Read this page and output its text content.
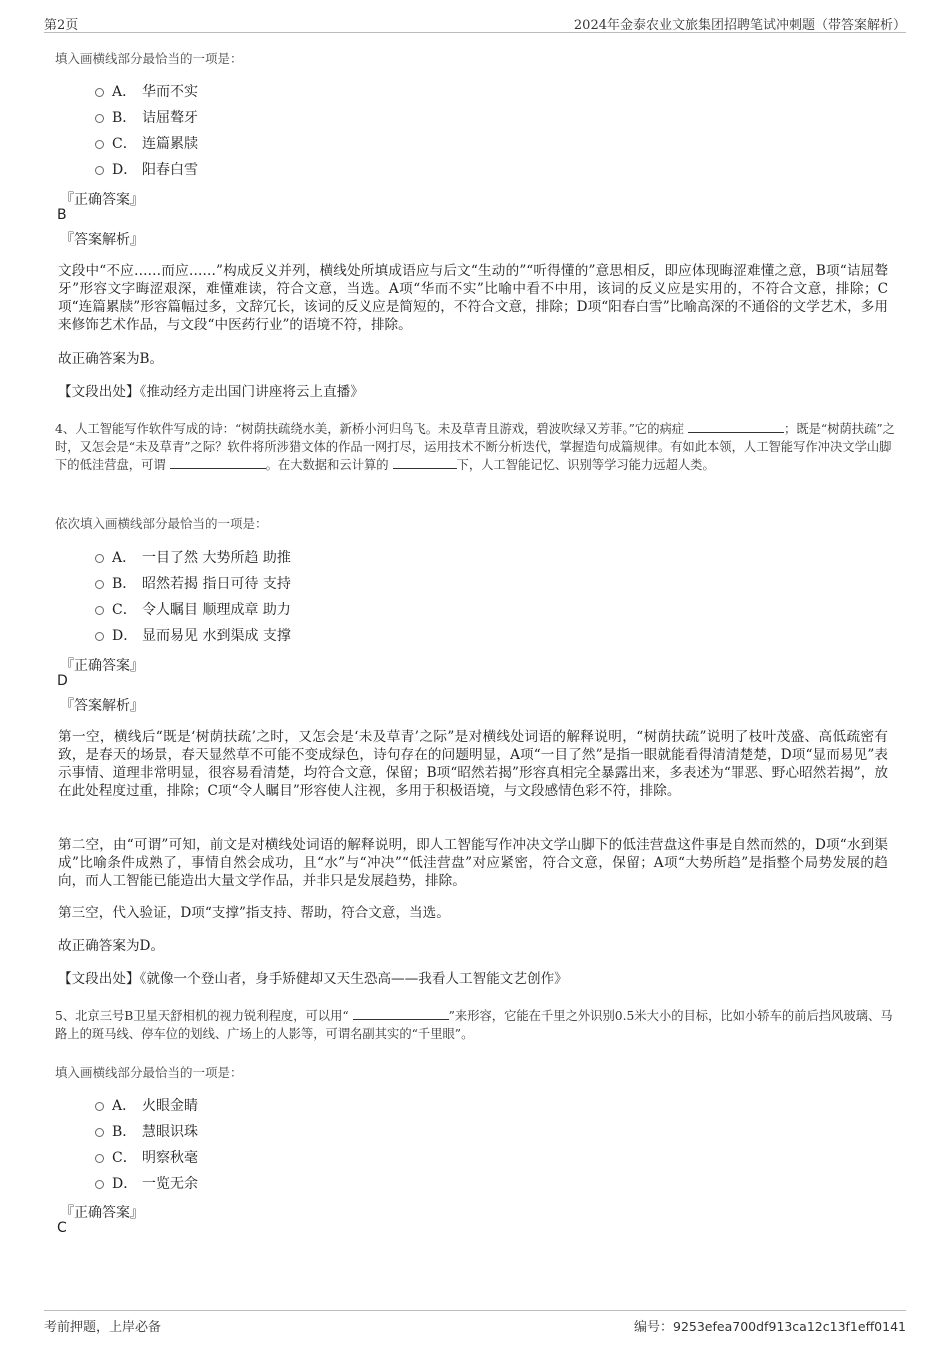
第2页	2024年金泰农业文旅集团招聘笔试冲刺题（带答案解析）
填入画横线部分最恰当的一项是：
A． 华而不实
B． 诘屈聱牙
C． 连篇累牍
D． 阳春白雪
『正确答案』
B
『答案解析』
文段中“不应……而应……”构成反义并列，横线处所填成语应与后文“生动的”“听得懂的”意思相反，即应体现晦涩难懂之意，B项“诘屈聱牙”形容文字晦涩艰深，难懂难读，符合文意，当选。A项“华而不实”比喻中看不中用，该词的反义应是实用的，不符合文意，排除；C项“连篇累牍”形容篇幅过多，文辞冗长，该词的反义应是简短的，不符合文意，排除；D项“阳春白雪”比喻高深的不通俗的文学艺术，多用来修饰艺术作品，与文段“中医药行业”的语境不符，排除。
故正确答案为B。
【文段出处】《推动经方走出国门讲座将云上直播》
4、人工智能写作软件写成的诗：“树荫扶疏绕水美，新桥小河归鸟飞。未及草青且游戏，碧波吹绿又芳菲。”它的病症	；既是“树荫扶疏”之时，又怎会是“未及草青”之际？软件将所涉猎文体的作品一网打尽，运用技术不断分析迭代，掌握造句成篇规律。有如此本领，人工智能写作冲决文学山脚下的低洼营盘，可谓	。在大数据和云计算的	下，人工智能记忆、识别等学习能力远超人类。
依次填入画横线部分最恰当的一项是：
A． 一目了然 大势所趋 助推
B． 昭然若揭 指日可待 支持
C． 令人瞩目 顺理成章 助力
D． 显而易见 水到渠成 支撑
『正确答案』
D
『答案解析』
第一空，横线后“既是‘树荫扶疏’之时，又怎会是‘未及草青’之际”是对横线处词语的解释说明，“树荫扶疏”说明了枝叶茂盛、高低疏密有致，是春天的场景，春天显然草不可能不变成绿色，诗句存在的问题明显，A项“一目了然”是指一眼就能看得清清楚楚，D项“显而易见”表示事情、道理非常明显，很容易看清楚，均符合文意，保留；B项“昭然若揭”形容真相完全暴露出来，多表述为“罪恶、野心昭然若揭”，放在此处程度过重，排除；C项“令人瞩目”形容使人注视，多用于积极语境，与文段感情色彩不符，排除。
第二空，由“可谓”可知，前文是对横线处词语的解释说明，即人工智能写作冲决文学山脚下的低洼营盘这件事是自然而然的，D项“水到渠成”比喻条件成熟了，事情自然会成功，且“水”与“冲决”“低洼营盘”对应紧密，符合文意，保留；A项“大势所趋”是指整个局势发展的趋向，而人工智能已能造出大量文学作品，并非只是发展趋势，排除。
第三空，代入验证，D项“支撑”指支持、帮助，符合文意，当选。
故正确答案为D。
【文段出处】《就像一个登山者，身手矫健却又天生恐高——我看人工智能文艺创作》
5、北京三号B卫星天舒相机的视力锐利程度，可以用“	”来形容，它能在千里之外识别0.5米大小的目标，比如小轿车的前后挡风玻璃、马路上的斑马线、停车位的划线、广场上的人影等，可谓名副其实的“千里眼”。
填入画横线部分最恰当的一项是：
A． 火眼金睛
B． 慧眼识珠
C． 明察秋毫
D． 一览无余
『正确答案』
C
考前押题，上岸必备	编号：9253efea700df913ca12c13f1eff0141
